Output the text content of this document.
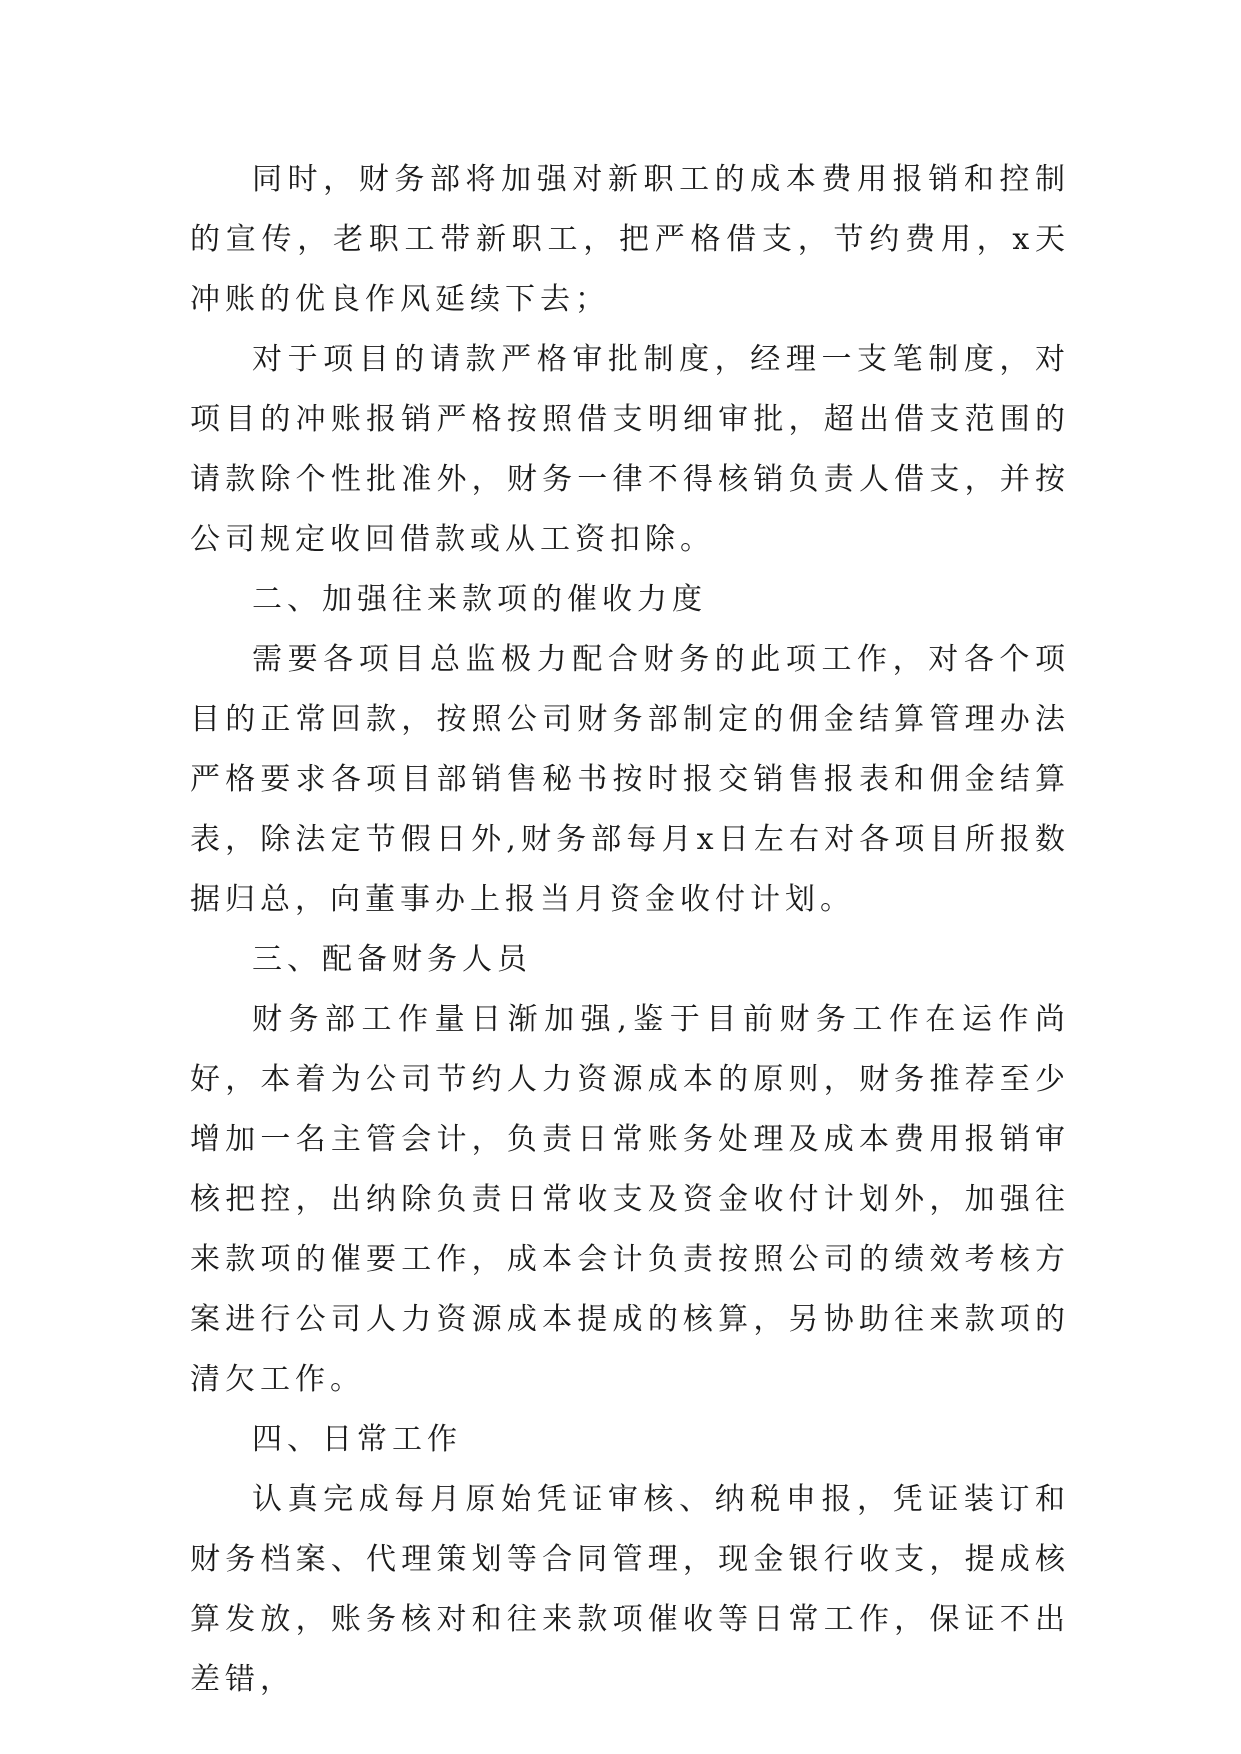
同时，财务部将加强对新职工的成本费用报销和控制的宣传，老职工带新职工，把严格借支，节约费用，x天冲账的优良作风延续下去；

对于项目的请款严格审批制度，经理一支笔制度，对项目的冲账报销严格按照借支明细审批，超出借支范围的请款除个性批准外，财务一律不得核销负责人借支，并按公司规定收回借款或从工资扣除。

二、加强往来款项的催收力度

需要各项目总监极力配合财务的此项工作，对各个项目的正常回款，按照公司财务部制定的佣金结算管理办法严格要求各项目部销售秘书按时报交销售报表和佣金结算表，除法定节假日外,财务部每月x日左右对各项目所报数据归总，向董事办上报当月资金收付计划。

三、配备财务人员

财务部工作量日渐加强,鉴于目前财务工作在运作尚好，本着为公司节约人力资源成本的原则，财务推荐至少增加一名主管会计，负责日常账务处理及成本费用报销审核把控，出纳除负责日常收支及资金收付计划外，加强往来款项的催要工作，成本会计负责按照公司的绩效考核方案进行公司人力资源成本提成的核算，另协助往来款项的清欠工作。

四、日常工作

认真完成每月原始凭证审核、纳税申报，凭证装订和财务档案、代理策划等合同管理，现金银行收支，提成核算发放，账务核对和往来款项催收等日常工作，保证不出差错，
